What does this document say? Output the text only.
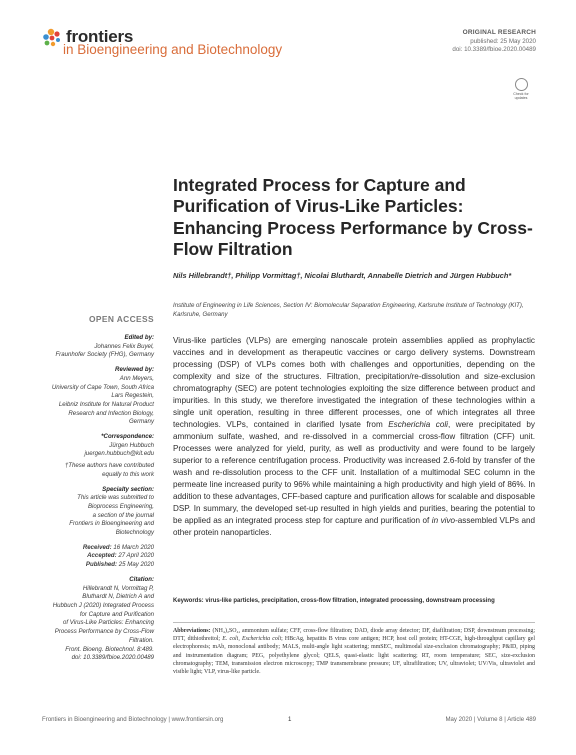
frontiers
in Bioengineering and Biotechnology
ORIGINAL RESEARCH
published: 25 May 2020
doi: 10.3389/fbioe.2020.00489
Check for updates
Integrated Process for Capture and Purification of Virus-Like Particles: Enhancing Process Performance by Cross-Flow Filtration
Nils Hillebrandt†, Philipp Vormittag†, Nicolai Bluthardt, Annabelle Dietrich and Jürgen Hubbuch*
Institute of Engineering in Life Sciences, Section IV: Biomolecular Separation Engineering, Karlsruhe Institute of Technology (KIT), Karlsruhe, Germany
OPEN ACCESS
Edited by:
Johannes Felix Buyel,
Fraunhofer Society (FHG), Germany
Reviewed by:
Ann Meyers,
University of Cape Town, South Africa
Lars Regestein,
Leibniz Institute for Natural Product
Research and Infection Biology,
Germany
*Correspondence:
Jürgen Hubbuch
juergen.hubbuch@kit.edu
†These authors have contributed
equally to this work
Specialty section:
This article was submitted to
Bioprocess Engineering,
a section of the journal
Frontiers in Bioengineering and
Biotechnology
Received: 16 March 2020
Accepted: 27 April 2020
Published: 25 May 2020
Citation:
Hillebrandt N, Vormittag P,
Bluthardt N, Dietrich A and
Hubbuch J (2020) Integrated Process
for Capture and Purification
of Virus-Like Particles: Enhancing
Process Performance by Cross-Flow
Filtration.
Front. Bioeng. Biotechnol. 8:489.
doi: 10.3389/fbioe.2020.00489

Virus-like particles (VLPs) are emerging nanoscale protein assemblies applied as prophylactic vaccines and in development as therapeutic vaccines or cargo delivery systems. Downstream processing (DSP) of VLPs comes both with challenges and opportunities, depending on the complexity and size of the structures. Filtration, precipitation/re-dissolution and size-exclusion chromatography (SEC) are potent technologies exploiting the size difference between product and impurities. In this study, we therefore investigated the integration of these technologies within a single unit operation, resulting in three different processes, one of which integrates all three technologies. VLPs, contained in clarified lysate from Escherichia coli, were precipitated by ammonium sulfate, washed, and re-dissolved in a commercial cross-flow filtration (CFF) unit. Processes were analyzed for yield, purity, as well as productivity and were found to be largely superior to a reference centrifugation process. Productivity was increased 2.6-fold by transfer of the wash and re-dissolution process to the CFF unit. Installation of a multimodal SEC column in the permeate line increased purity to 96% while maintaining a high productivity and high yield of 86%. In addition to these advantages, CFF-based capture and purification allows for scalable and disposable DSP. In summary, the developed set-up resulted in high yields and purities, bearing the potential to be applied as an integrated process step for capture and purification of in vivo-assembled VLPs and other protein nanoparticles.

Keywords: virus-like particles, precipitation, cross-flow filtration, integrated processing, downstream processing

Abbreviations: (NH₄)₂SO₄, ammonium sulfate; CFF, cross-flow filtration; DAD, diode array detector; DF, diafiltration; DSP, downstream processing; DTT, dithiothreitol; E. coli, Escherichia coli; HBcAg, hepatitis B virus core antigen; HCP, host cell protein; HT-CGE, high-throughput capillary gel electrophoresis; mAb, monoclonal antibody; MALS, multi-angle light scattering; mmSEC, multimodal size-exclusion chromatography; P&ID, piping and instrumentation diagram; PEG, polyethylene glycol; QELS, quasi-elastic light scattering; RT, room temperature; SEC, size-exclusion chromatography; TEM, transmission electron microscopy; TMP transmembrane pressure; UF, ultrafiltration; UV, ultraviolet; UV/Vis, ultraviolet and visible light; VLP, virus-like particle.

Frontiers in Bioengineering and Biotechnology | www.frontiersin.org	1	May 2020 | Volume 8 | Article 489
